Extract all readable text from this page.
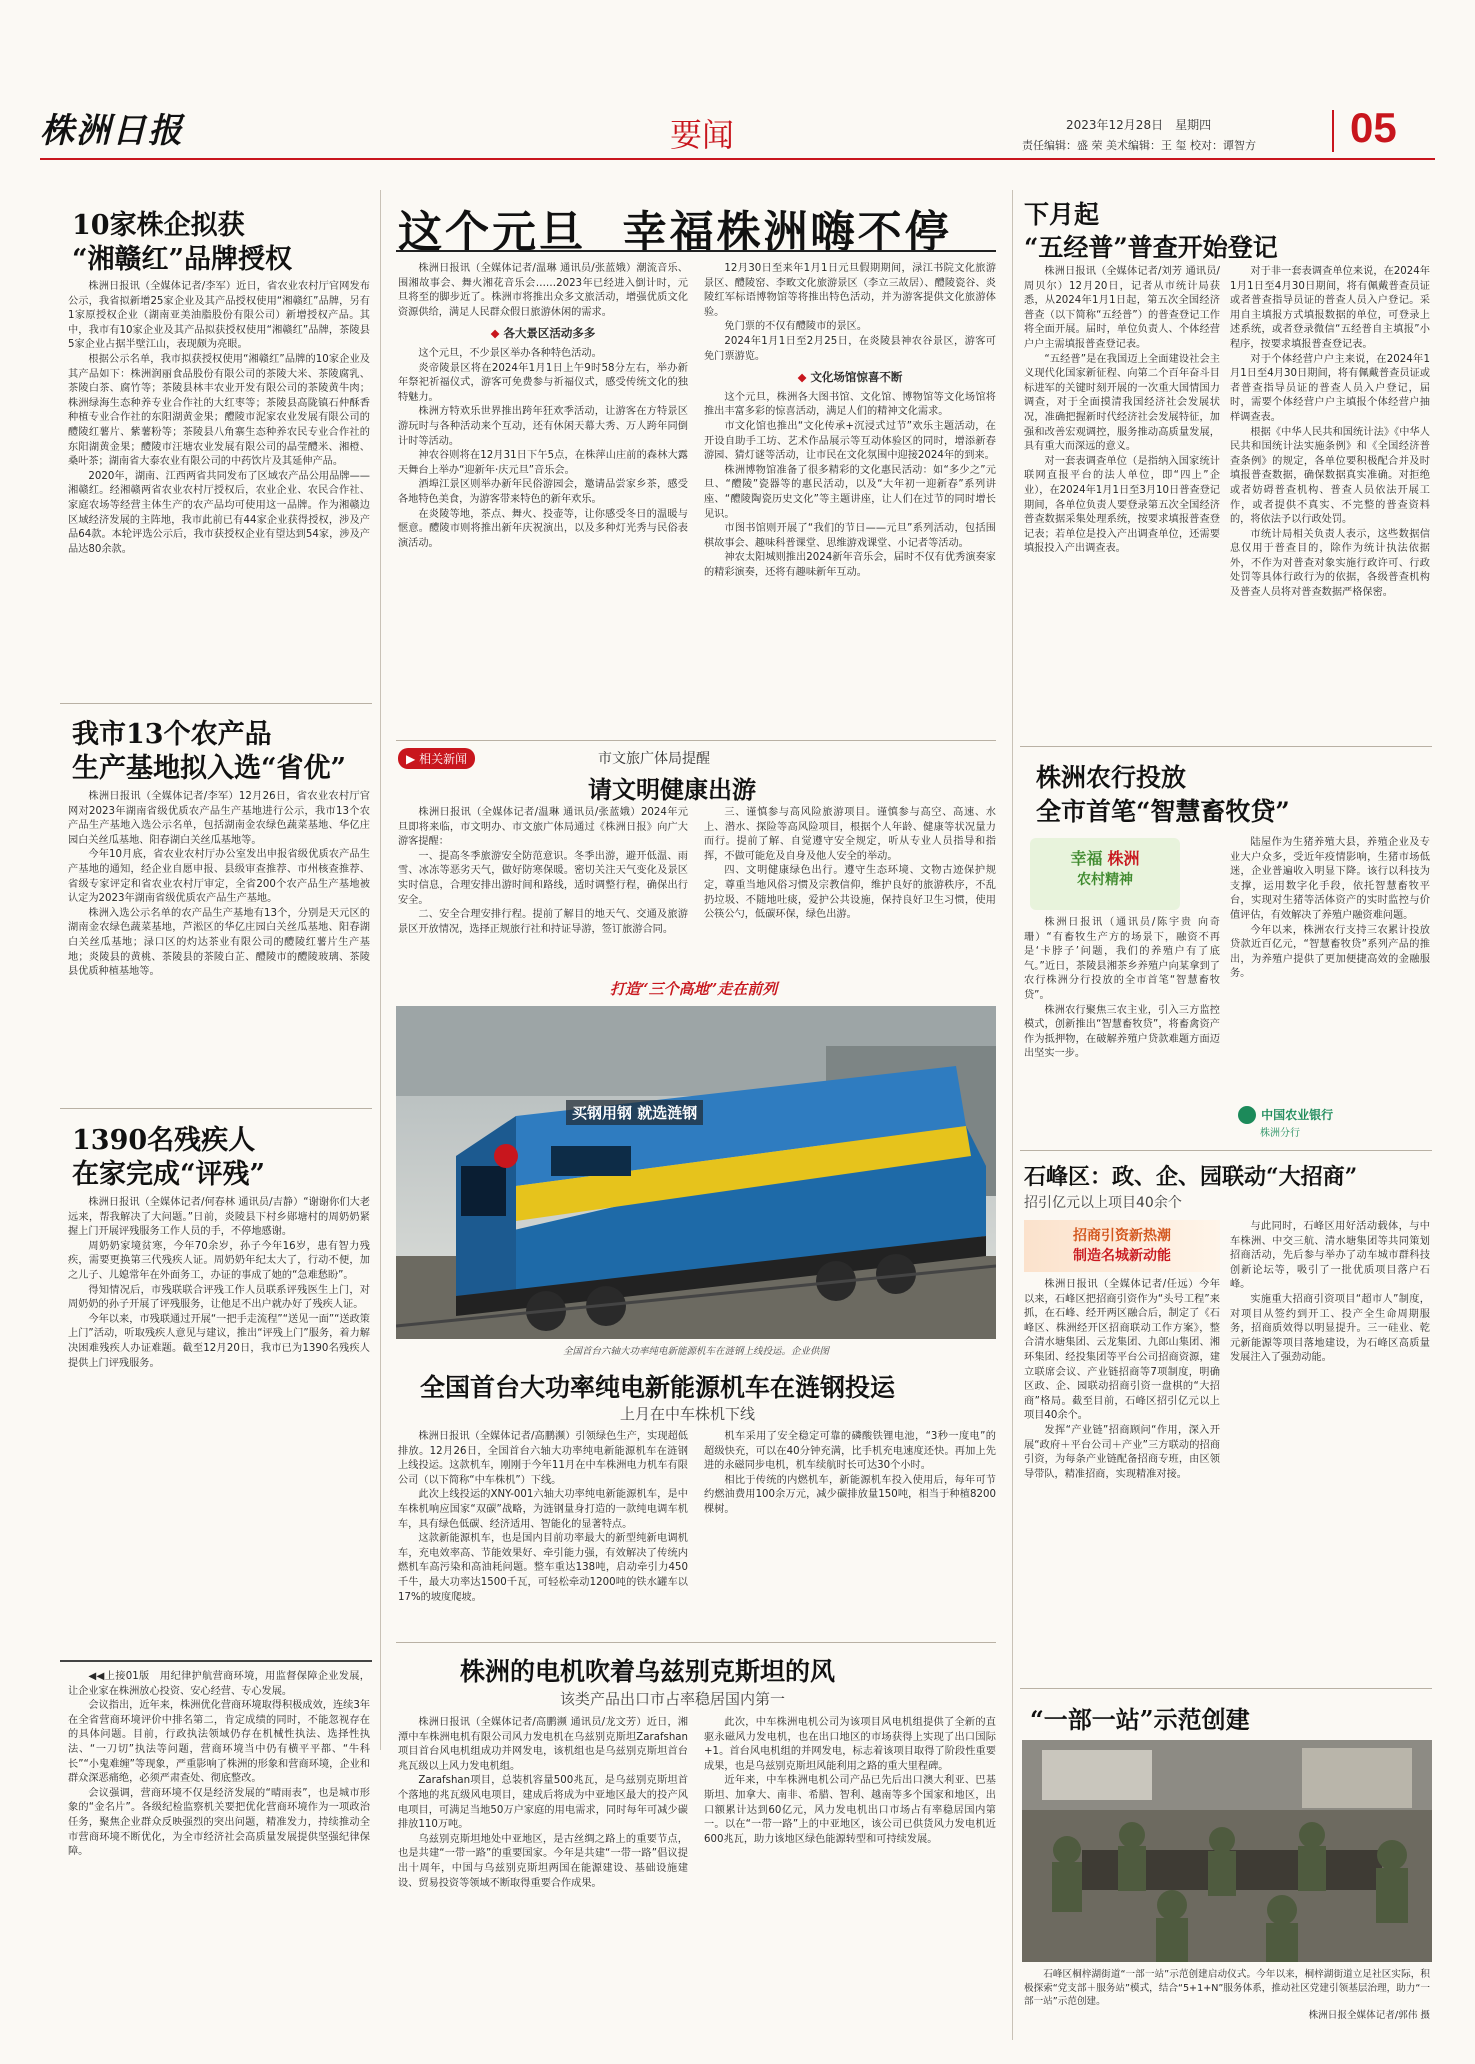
株洲日报	要闻	2023年12月28日　星期四
责任编辑：盛 荣 美术编辑：王 玺 校对：谭智方 05
10家株企拟获
“湘赣红”品牌授权

株洲日报讯（全媒体记者/李军）近日，省农业农村厅官网发布公示，我省拟新增25家企业及其产品授权使用“湘赣红”品牌，另有1家原授权企业（湖南亚美油脂股份有限公司）新增授权产品。其中，我市有10家企业及其产品拟获授权使用“湘赣红”品牌，茶陵县5家企业占据半壁江山，表现颇为亮眼。

根据公示名单，我市拟获授权使用“湘赣红”品牌的10家企业及其产品如下：株洲润丽食品股份有限公司的茶陵大米、茶陵腐乳、茶陵白茶、腐竹等；茶陵县林丰农业开发有限公司的茶陵黄牛肉；株洲绿海生态种养专业合作社的大红枣等；茶陵县高陇镇石仲酥香种植专业合作社的东阳湖黄金果；醴陵市泥家农业发展有限公司的醴陵红薯片、紫薯粉等；茶陵县八角寨生态种养农民专业合作社的东阳湖黄金果；醴陵市汪塘农业发展有限公司的晶莹醴米、湘橙、桑叶茶；湖南省大泰农业有限公司的中药饮片及其延伸产品。

2020年，湖南、江西两省共同发布了区域农产品公用品牌——湘赣红。经湘赣两省农业农村厅授权后，农业企业、农民合作社、家庭农场等经营主体生产的农产品均可使用这一品牌。作为湘赣边区域经济发展的主阵地，我市此前已有44家企业获得授权，涉及产品64款。本轮评选公示后，我市获授权企业有望达到54家，涉及产品达80余款。

我市13个农产品
生产基地拟入选“省优”

株洲日报讯（全媒体记者/李军）12月26日，省农业农村厅官网对2023年湖南省级优质农产品生产基地进行公示，我市13个农产品生产基地入选公示名单，包括湖南金农绿色蔬菜基地、华亿庄园白关丝瓜基地、阳春湖白关丝瓜基地等。

今年10月底，省农业农村厅办公室发出申报省级优质农产品生产基地的通知，经企业自愿申报、县级审查推荐、市州核查推荐、省级专家评定和省农业农村厅审定，全省200个农产品生产基地被认定为2023年湖南省级优质农产品生产基地。

株洲入选公示名单的农产品生产基地有13个，分别是天元区的湖南金农绿色蔬菜基地，芦淞区的华亿庄园白关丝瓜基地、阳春湖白关丝瓜基地；渌口区的灼达茶业有限公司的醴陵红薯片生产基地；炎陵县的黄桃、茶陵县的茶陵白芷、醴陵市的醴陵玻璃、茶陵县优质种植基地等。

1390名残疾人
在家完成“评残”

株洲日报讯（全媒体记者/何春林 通讯员/吉静）“谢谢你们大老远来，帮我解决了大问题。”日前，炎陵县下村乡郧塘村的周奶奶紧握上门开展评残服务工作人员的手，不停地感谢。

周奶奶家境贫寒，今年70余岁，孙子今年16岁，患有智力残疾，需要更换第三代残疾人证。周奶奶年纪太大了，行动不便，加之儿子、儿媳常年在外面务工，办证的事成了她的“急难愁盼”。

得知情况后，市残联联合评残工作人员联系评残医生上门，对周奶奶的孙子开展了评残服务，让他足不出户就办好了残疾人证。

今年以来，市残联通过开展“一把手走流程”“送见一面”“送政策上门”活动，听取残疾人意见与建议，推出“评残上门”服务，着力解决困难残疾人办证难题。截至12月20日，我市已为1390名残疾人提供上门评残服务。

◀◀上接01版　用纪律护航营商环境，用监督保障企业发展，让企业家在株洲放心投资、安心经营、专心发展。

会议指出，近年来，株洲优化营商环境取得积极成效，连续3年在全省营商环境评价中排名第二，肯定成绩的同时，不能忽视存在的具体问题。目前，行政执法领域仍存在机械性执法、选择性执法、“一刀切”执法等问题，营商环境当中仍有横平平都、“牛科长”“小鬼难缠”等现象，严重影响了株洲的形象和营商环境，企业和群众深恶痛绝，必须严肃查处、彻底整改。

会议强调，营商环境不仅是经济发展的“晴雨表”，也是城市形象的“金名片”。各级纪检监察机关要把优化营商环境作为一项政治任务，聚焦企业群众反映强烈的突出问题，精准发力，持续推动全市营商环境不断优化，为全市经济社会高质量发展提供坚强纪律保障。

这个元旦  幸福株洲嗨不停

株洲日报讯（全媒体记者/温琳 通讯员/张蓝娥）潮流音乐、围湘故事会、舞火湘花音乐会……2023年已经进入倒计时，元旦将至的脚步近了。株洲市将推出众多文旅活动，增强优质文化资源供给，满足人民群众假日旅游休闲的需求。

◆ 各大景区活动多多

这个元旦，不少景区举办各种特色活动。

炎帝陵景区将在2024年1月1日上午9时58分左右，举办新年祭祀祈福仪式，游客可免费参与祈福仪式，感受传统文化的独特魅力。

株洲方特欢乐世界推出跨年狂欢季活动，让游客在方特景区游玩时与各种活动来个互动，还有休闲天幕大秀、万人跨年同倒计时等活动。

神农谷则将在12月31日下午5点，在株萍山庄前的森林大露天舞台上举办“迎新年·庆元旦”音乐会。

酒埠江景区则举办新年民俗游园会，邀请品尝家乡茶，感受各地特色美食，为游客带来特色的新年欢乐。

在炎陵等地，茶点、舞火、投壶等，让你感受冬日的温暖与惬意。醴陵市则将推出新年庆祝演出，以及多种灯光秀与民俗表演活动。

12月30日至来年1月1日元旦假期期间，渌江书院文化旅游景区、醴陵窑、李畋文化旅游景区（李立三故居）、醴陵瓷谷、炎陵红军标语博物馆等将推出特色活动，并为游客提供文化旅游体验。

免门票的不仅有醴陵市的景区。

2024年1月1日至2月25日，在炎陵县神农谷景区，游客可免门票游览。

◆ 文化场馆惊喜不断

这个元旦，株洲各大图书馆、文化馆、博物馆等文化场馆将推出丰富多彩的惊喜活动，满足人们的精神文化需求。

市文化馆也推出“文化传承+沉浸式过节”欢乐主题活动，在开设自助手工坊、艺术作品展示等互动体验区的同时，增添新春游园、猜灯谜等活动，让市民在文化氛围中迎接2024年的到来。

株洲博物馆准备了很多精彩的文化惠民活动：如“多少之”元旦、“醴陵”瓷器等的惠民活动，以及“大年初一迎新春”系列讲座、“醴陵陶瓷历史文化”等主题讲座，让人们在过节的同时增长见识。

市图书馆则开展了“我们的节日——元旦”系列活动，包括围棋故事会、趣味科普课堂、思维游戏课堂、小记者等活动。

神农太阳城则推出2024新年音乐会，届时不仅有优秀演奏家的精彩演奏，还将有趣味新年互动。

▶ 相关新闻	市文旅广体局提醒
请文明健康出游

株洲日报讯（全媒体记者/温琳 通讯员/张蓝娥）2024年元旦即将来临，市文明办、市文旅广体局通过《株洲日报》向广大游客提醒：

一、提高冬季旅游安全防范意识。冬季出游，避开低温、雨雪、冰冻等恶劣天气，做好防寒保暖。密切关注天气变化及景区实时信息，合理安排出游时间和路线，适时调整行程，确保出行安全。

二、安全合理安排行程。提前了解目的地天气、交通及旅游景区开放情况，选择正规旅行社和持证导游，签订旅游合同。

三、谨慎参与高风险旅游项目。谨慎参与高空、高速、水上、潜水、探险等高风险项目，根据个人年龄、健康等状况量力而行。提前了解、自觉遵守安全规定，听从专业人员指导和指挥，不做可能危及自身及他人安全的举动。

四、文明健康绿色出行。遵守生态环境、文物古迹保护规定，尊重当地风俗习惯及宗教信仰，维护良好的旅游秩序，不乱扔垃圾、不随地吐痰，爱护公共设施，保持良好卫生习惯，使用公筷公勺，低碳环保，绿色出游。

打造“三个高地”走在前列
买钢用钢 就选涟钢
全国首台六轴大功率纯电新能源机车在涟钢上线投运。企业供图
全国首台大功率纯电新能源机车在涟钢投运
上月在中车株机下线

株洲日报讯（全媒体记者/高鹏濒）引领绿色生产，实现超低排放。12月26日，全国首台六轴大功率纯电新能源机车在涟钢上线投运。这款机车，刚刚于今年11月在中车株洲电力机车有限公司（以下简称“中车株机”）下线。

此次上线投运的XNY-001六轴大功率纯电新能源机车，是中车株机响应国家“双碳”战略，为涟钢量身打造的一款纯电调车机车，具有绿色低碳、经济适用、智能化的显著特点。

这款新能源机车，也是国内目前功率最大的新型纯新电调机车，充电效率高、节能效果好、牵引能力强，有效解决了传统内燃机车高污染和高油耗问题。整车重达138吨，启动牵引力450千牛，最大功率达1500千瓦，可轻松牵动1200吨的铁水罐车以17%的坡度爬坡。

机车采用了安全稳定可靠的磷酸铁锂电池，“3秒一度电”的超级快充，可以在40分钟充满，比手机充电速度还快。再加上先进的永磁同步电机，机车续航时长可达30个小时。

相比于传统的内燃机车，新能源机车投入使用后，每年可节约燃油费用100余万元，减少碳排放量150吨，相当于种植8200棵树。

株洲的电机吹着乌兹别克斯坦的风
该类产品出口市占率稳居国内第一

株洲日报讯（全媒体记者/高鹏濒 通讯员/龙文芳）近日，湘潭中车株洲电机有限公司风力发电机在乌兹别克斯坦Zarafshan项目首台风电机组成功并网发电，该机组也是乌兹别克斯坦首台兆瓦级以上风力发电机组。

Zarafshan项目，总装机容量500兆瓦，是乌兹别克斯坦首个落地的兆瓦级风电项目，建成后将成为中亚地区最大的投产风电项目，可满足当地50万户家庭的用电需求，同时每年可减少碳排放110万吨。

乌兹别克斯坦地处中亚地区，是古丝绸之路上的重要节点，也是共建“一带一路”的重要国家。今年是共建“一带一路”倡议提出十周年，中国与乌兹别克斯坦两国在能源建设、基础设施建设、贸易投资等领域不断取得重要合作成果。

此次，中车株洲电机公司为该项目风电机组提供了全新的直驱永磁风力发电机，也在出口地区的市场获得上实现了出口国际+1。首台风电机组的并网发电，标志着该项目取得了阶段性重要成果，也是乌兹别克斯坦风能利用之路的重大里程碑。

近年来，中车株洲电机公司产品已先后出口澳大利亚、巴基斯坦、加拿大、南非、希腊、智利、越南等多个国家和地区，出口额累计达到60亿元，风力发电机出口市场占有率稳居国内第一。以在“一带一路”上的中亚地区，该公司已供货风力发电机近600兆瓦，助力该地区绿色能源转型和可持续发展。

下月起
“五经普”普查开始登记

株洲日报讯（全媒体记者/刘芳 通讯员/周贝尔）12月20日，记者从市统计局获悉，从2024年1月1日起，第五次全国经济普查（以下简称“五经普”）的普查登记工作将全面开展。届时，单位负责人、个体经营户户主需填报普查登记表。

“五经普”是在我国迈上全面建设社会主义现代化国家新征程、向第二个百年奋斗目标进军的关键时刻开展的一次重大国情国力调查，对于全面摸清我国经济社会发展状况，准确把握新时代经济社会发展特征，加强和改善宏观调控，服务推动高质量发展，具有重大而深远的意义。

对一套表调查单位（是指纳入国家统计联网直报平台的法人单位，即“四上”企业），在2024年1月1日至3月10日普查登记期间，各单位负责人要登录第五次全国经济普查数据采集处理系统，按要求填报普查登记表；若单位是投入产出调查单位，还需要填报投入产出调查表。

对于非一套表调查单位来说，在2024年1月1日至4月30日期间，将有佩戴普查员证或者普查指导员证的普查人员入户登记。采用自主填报方式填报数据的单位，可登录上述系统，或者登录微信“五经普自主填报”小程序，按要求填报普查登记表。

对于个体经营户户主来说，在2024年1月1日至4月30日期间，将有佩戴普查员证或者普查指导员证的普查人员入户登记，届时，需要个体经营户户主填报个体经营户抽样调查表。

根据《中华人民共和国统计法》《中华人民共和国统计法实施条例》和《全国经济普查条例》的规定，各单位要积极配合并及时填报普查数据，确保数据真实准确。对拒绝或者妨碍普查机构、普查人员依法开展工作，或者提供不真实、不完整的普查资料的，将依法予以行政处罚。

市统计局相关负责人表示，这些数据信息仅用于普查目的，除作为统计执法依据外，不作为对普查对象实施行政许可、行政处罚等具体行政行为的依据，各级普查机构及普查人员将对普查数据严格保密。

株洲农行投放
全市首笔“智慧畜牧贷”
幸福 株洲
农村精神

株洲日报讯（通讯员/陈宇贵 向奇珊）“有畜牧生产方的场景下，融资不再是‘卡脖子’问题，我们的养殖户有了底气。”近日，茶陵县湘茶乡养殖户向某拿到了农行株洲分行投放的全市首笔“智慧畜牧贷”。

株洲农行聚焦三农主业，引入三方监控模式，创新推出“智慧畜牧贷”，将畜禽资产作为抵押物，在破解养殖户贷款难题方面迈出坚实一步。

陆屋作为生猪养殖大县，养殖企业及专业大户众多，受近年疫情影响，生猪市场低迷，企业普遍收入明显下降。该行以科技为支撑，运用数字化手段，依托智慧畜牧平台，实现对生猪等活体资产的实时监控与价值评估，有效解决了养殖户融资难问题。

今年以来，株洲农行支持三农累计投放贷款近百亿元，“智慧畜牧贷”系列产品的推出，为养殖户提供了更加便捷高效的金融服务。

中国农业银行
株洲分行
石峰区：政、企、园联动“大招商”
招引亿元以上项目40余个
招商引资新热潮
制造名城新动能

株洲日报讯（全媒体记者/任远）今年以来，石峰区把招商引资作为“头号工程”来抓，在石峰、经开两区融合后，制定了《石峰区、株洲经开区招商联动工作方案》，整合清水塘集团、云龙集团、九郎山集团、湘环集团、经投集团等平台公司招商资源，建立联席会议、产业链招商等7项制度，明确区政、企、园联动招商引资一盘棋的“大招商”格局。截至目前，石峰区招引亿元以上项目40余个。

发挥“产业链”招商顾问“作用，深入开展“政府＋平台公司＋产业”三方联动的招商引资，为每条产业链配备招商专班，由区领导带队，精准招商，实现精准对接。

与此同时，石峰区用好活动载体，与中车株洲、中交三航、清水塘集团等共同策划招商活动，先后参与举办了动车城市群科技创新论坛等，吸引了一批优质项目落户石峰。

实施重大招商引资项目“超市人”制度，对项目从签约到开工、投产全生命周期服务，招商质效得以明显提升。三一硅业、乾元新能源等项目落地建设，为石峰区高质量发展注入了强劲动能。

“一部一站”示范创建

石峰区桐梓湖街道“一部一站”示范创建启动仪式。今年以来，桐梓湖街道立足社区实际，积极探索“党支部＋服务站”模式，结合“5+1+N”服务体系，推动社区党建引领基层治理，助力“一部一站”示范创建。

株洲日报全媒体记者/郭伟 摄
